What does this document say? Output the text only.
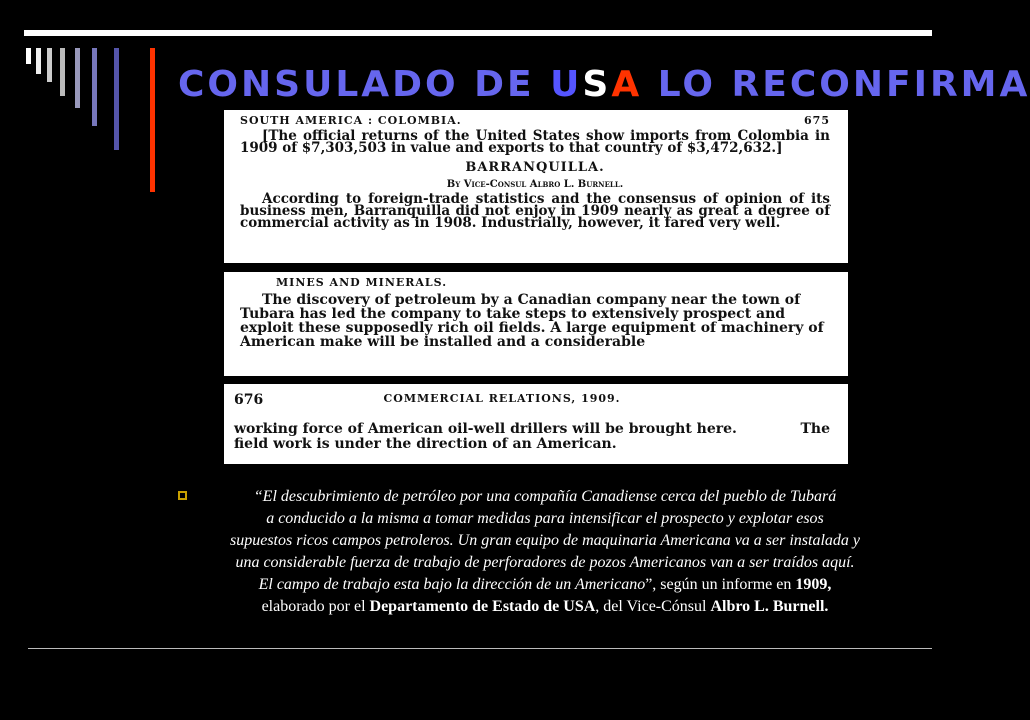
CONSULADO DE USA LO RECONFIRMA
SOUTH AMERICA : COLOMBIA.	675

[The official returns of the United States show imports from Colombia in 1909 of $7,303,503 in value and exports to that country of $3,472,632.]

BARRANQUILLA.
By Vice-Consul Albro L. Burnell.

According to foreign-trade statistics and the consensus of opinion of its business men, Barranquilla did not enjoy in 1909 nearly as great a degree of commercial activity as in 1908. Industrially, however, it fared very well.

MINES AND MINERALS.

The discovery of petroleum by a Canadian company near the town of Tubara has led the company to take steps to extensively prospect and exploit these supposedly rich oil fields. A large equipment of machinery of American make will be installed and a considerable

676	COMMERCIAL RELATIONS, 1909.
working force of American oil-well drillers will be brought here.	The
field work is under the direction of an American.
“El descubrimiento de petróleo por una compañía Canadiense cerca del pueblo de Tubará
a conducido a la misma a tomar medidas para intensificar el prospecto y explotar esos
supuestos ricos campos petroleros. Un gran equipo de maquinaria Americana va a ser instalada y
una considerable fuerza de trabajo de perforadores de pozos Americanos van a ser traídos aquí.
El campo de trabajo esta bajo la dirección de un Americano”, según un informe en 1909,
elaborado por el Departamento de Estado de USA, del Vice-Cónsul Albro L. Burnell.
